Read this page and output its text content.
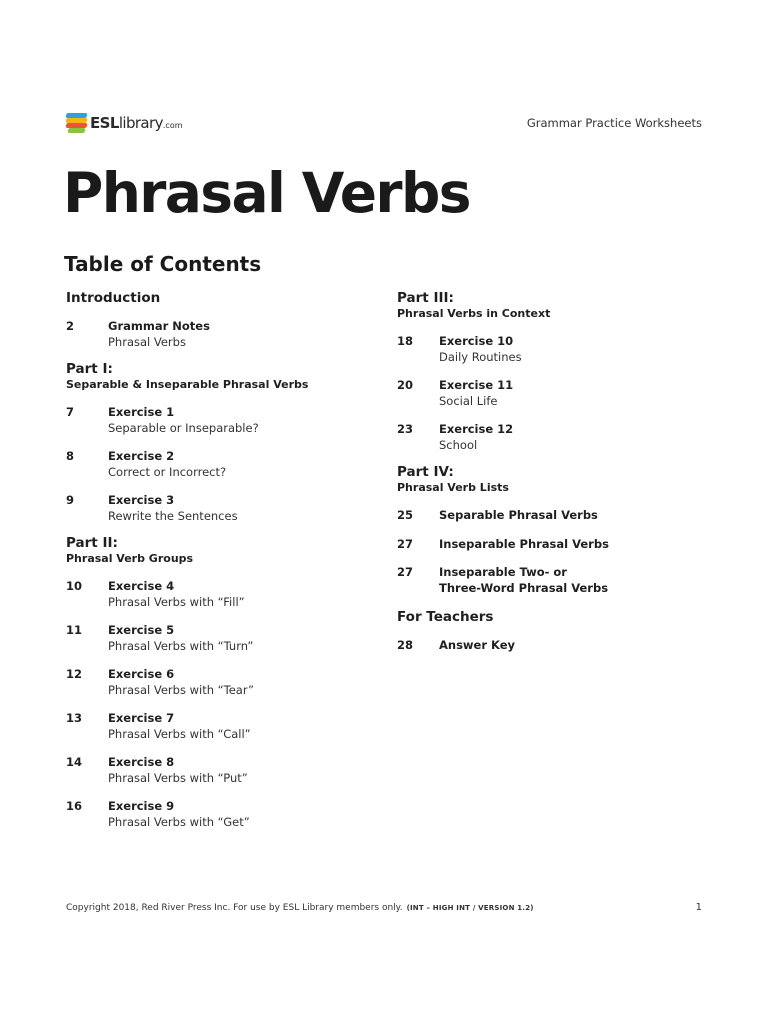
ESLlibrary.com	Grammar Practice Worksheets
Phrasal Verbs
Table of Contents
Introduction
2	Grammar Notes
Phrasal Verbs
Part I:
Separable & Inseparable Phrasal Verbs
7	Exercise 1
Separable or Inseparable?
8	Exercise 2
Correct or Incorrect?
9	Exercise 3
Rewrite the Sentences
Part II:
Phrasal Verb Groups
10	Exercise 4
Phrasal Verbs with “Fill”
11	Exercise 5
Phrasal Verbs with “Turn”
12	Exercise 6
Phrasal Verbs with “Tear”
13	Exercise 7
Phrasal Verbs with “Call”
14	Exercise 8
Phrasal Verbs with “Put”
16	Exercise 9
Phrasal Verbs with “Get”
Part III:
Phrasal Verbs in Context
18	Exercise 10
Daily Routines
20	Exercise 11
Social Life
23	Exercise 12
School
Part IV:
Phrasal Verb Lists
25	Separable Phrasal Verbs
27	Inseparable Phrasal Verbs
27	Inseparable Two- or
Three-Word Phrasal Verbs
For Teachers
28	Answer Key
Copyright 2018, Red River Press Inc. For use by ESL Library members only. (INT – HIGH INT / VERSION 1.2)	1
